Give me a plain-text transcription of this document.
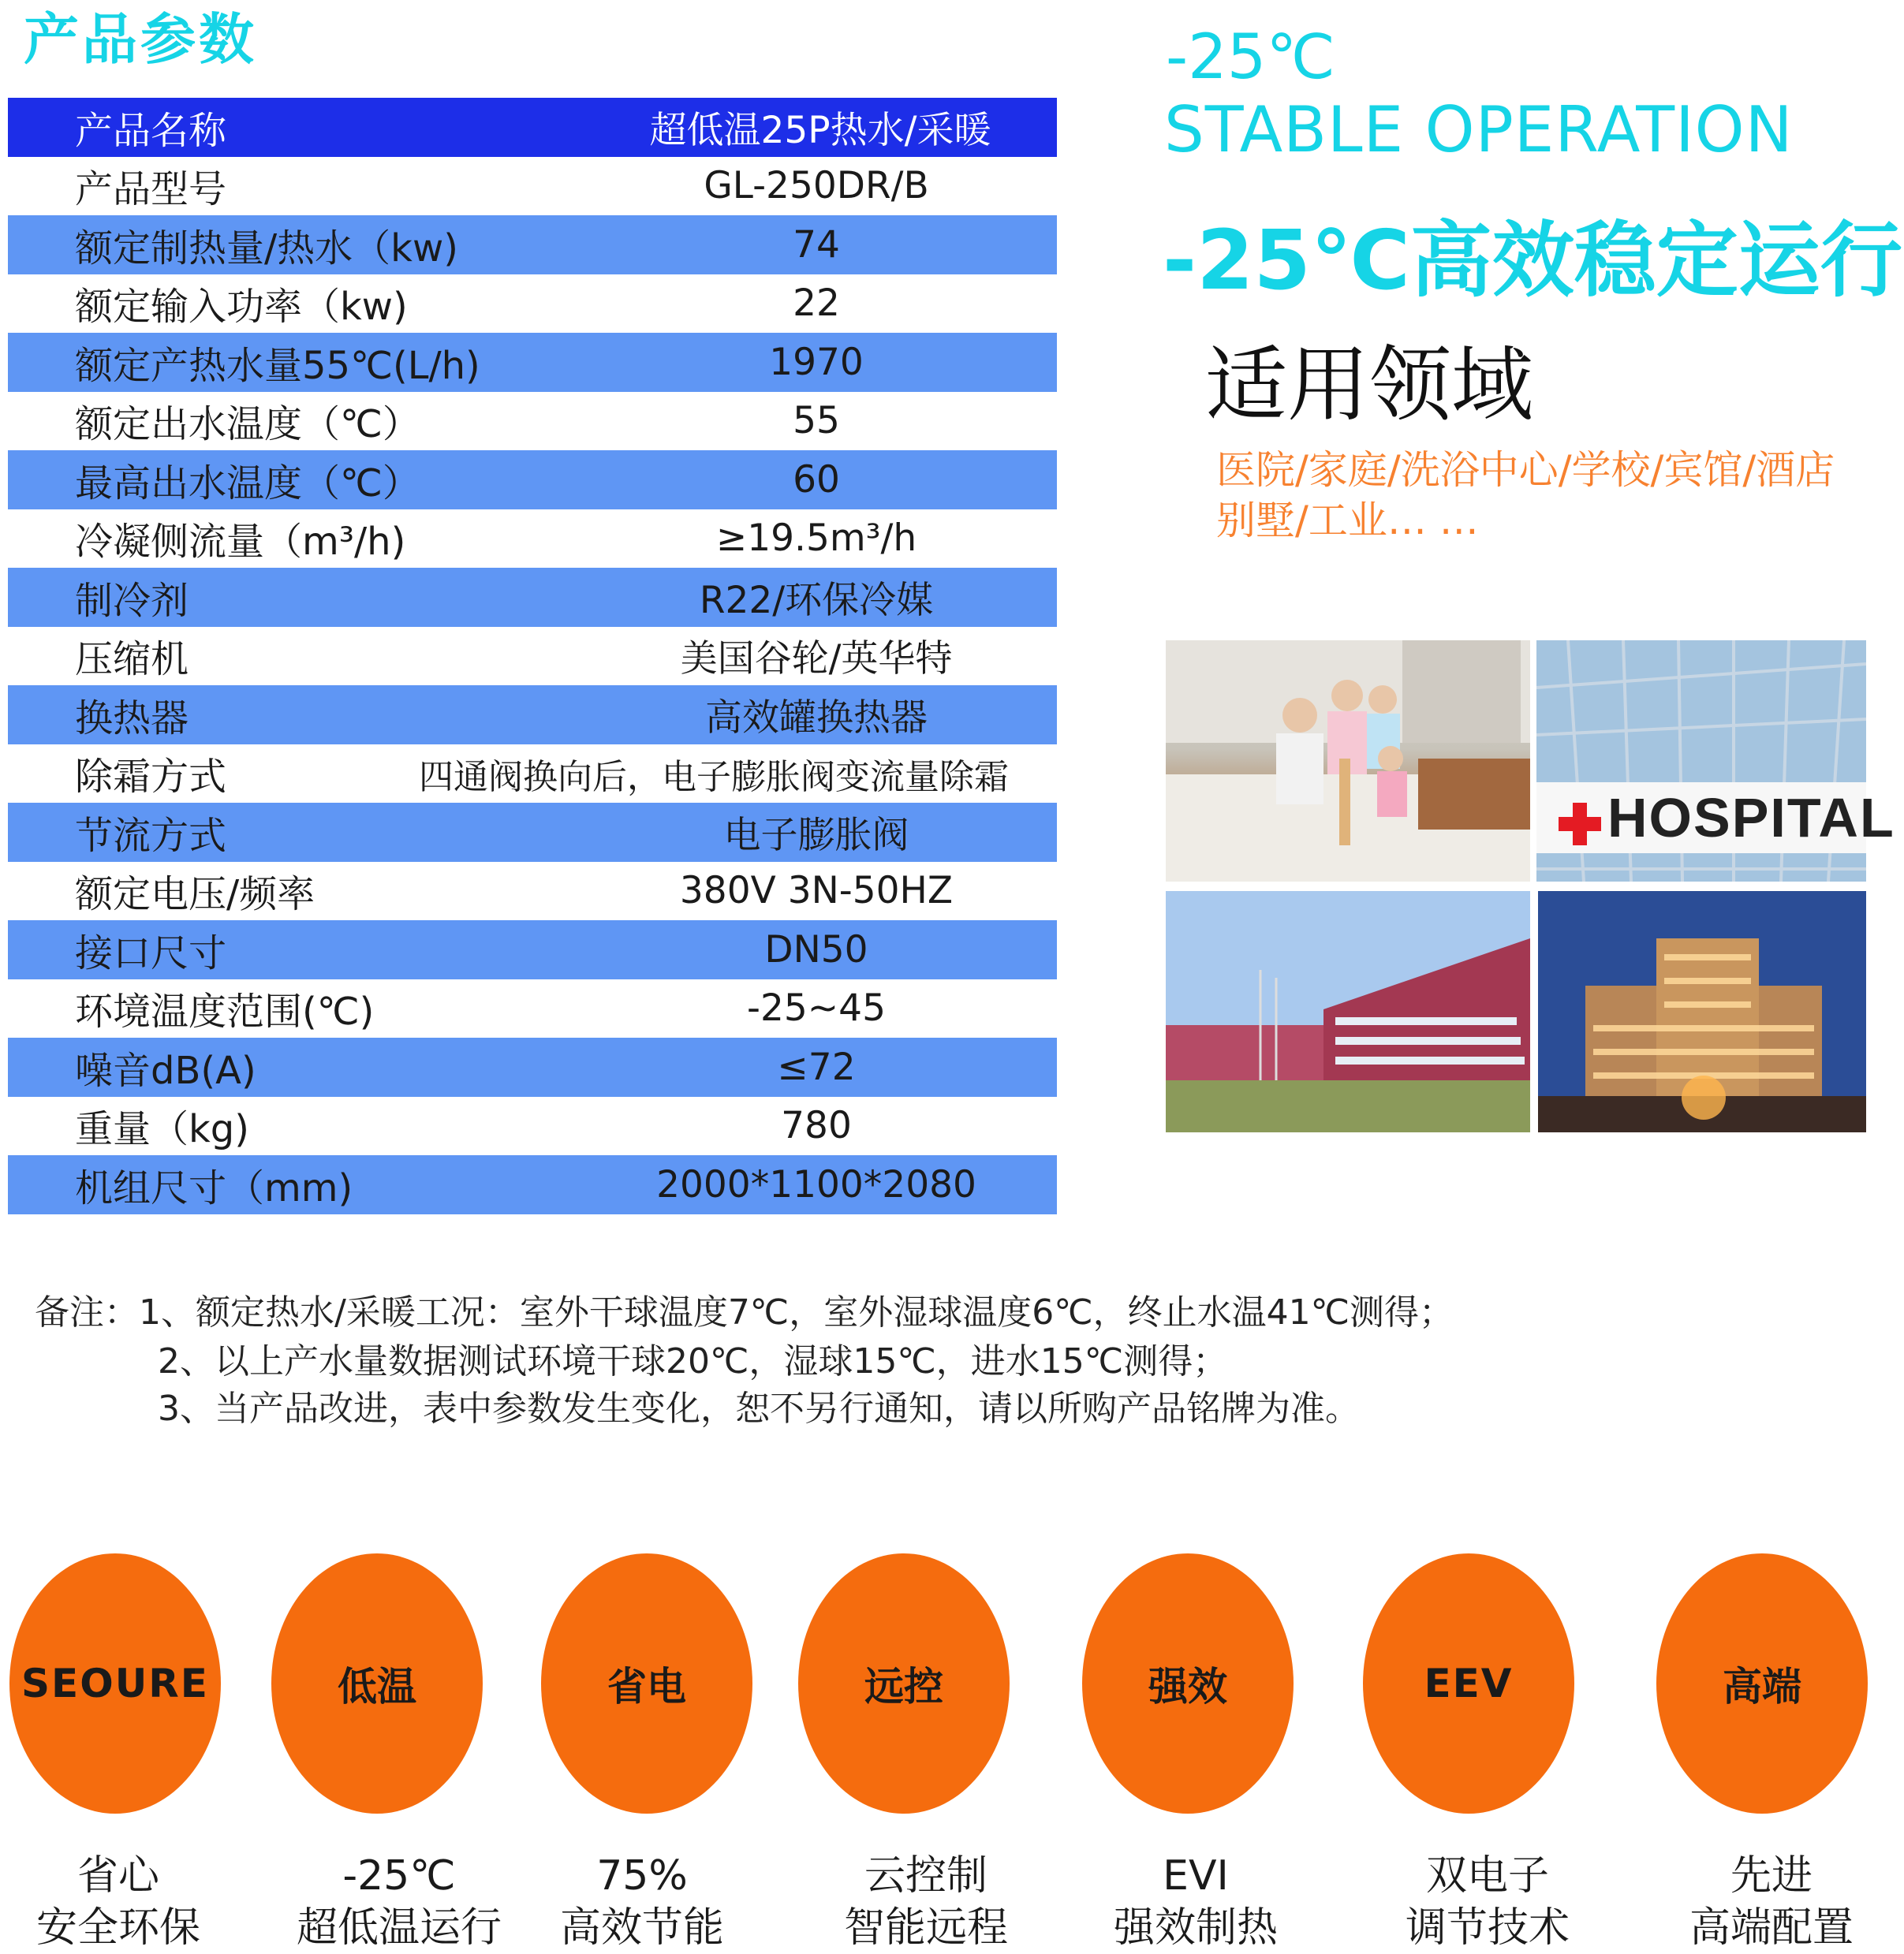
产品参数
产品名称	超低温25P热水/采暖
产品型号	GL-250DR/B
额定制热量/热水（kw)	74
额定输入功率（kw)	22
额定产热水量55℃(L/h)	1970
额定出水温度（℃）	55
最高出水温度（℃）	60
冷凝侧流量（m³/h)	≥19.5m³/h
制冷剂	R22/环保冷媒
压缩机	美国谷轮/英华特
换热器	高效罐换热器
除霜方式	四通阀换向后，电子膨胀阀变流量除霜
节流方式	电子膨胀阀
额定电压/频率	380V 3N-50HZ
接口尺寸	DN50
环境温度范围(℃)	-25~45
噪音dB(A)	≤72
重量（kg)	780
机组尺寸（mm)	2000*1100*2080
-25℃
STABLE OPERATION
-25℃高效稳定运行
适用领域
医院/家庭/洗浴中心/学校/宾馆/酒店
别墅/工业… …
HOSPITAL
备注：1、额定热水/采暖工况：室外干球温度7℃，室外湿球温度6℃，终止水温41℃测得；
2、以上产水量数据测试环境干球20℃，湿球15℃，进水15℃测得；
3、当产品改进，表中参数发生变化，恕不另行通知，请以所购产品铭牌为准。
SEOURE	低温	省电	远控	强效	EEV	高端
省心
安全环保
-25℃
超低温运行
75%
高效节能
云控制
智能远程
EVI
强效制热
双电子
调节技术
先进
高端配置
